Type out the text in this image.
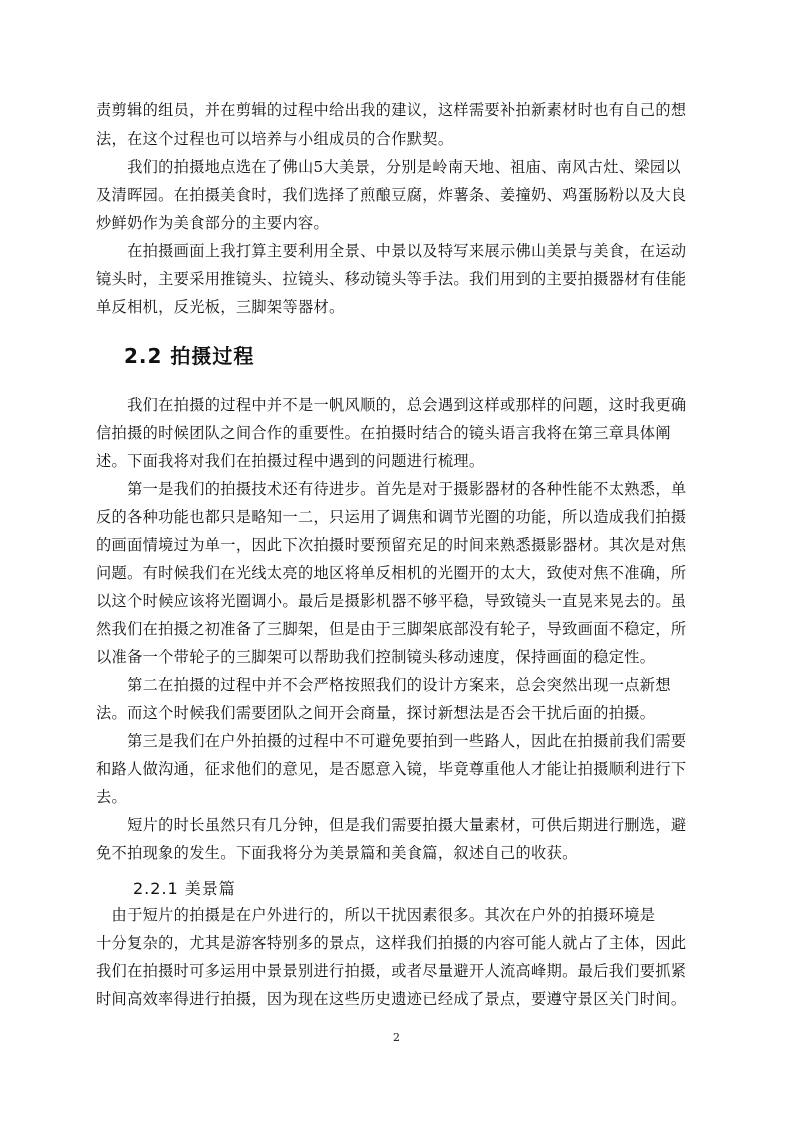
责剪辑的组员，并在剪辑的过程中给出我的建议，这样需要补拍新素材时也有自己的想
法，在这个过程也可以培养与小组成员的合作默契。
　　我们的拍摄地点选在了佛山5大美景，分别是岭南天地、祖庙、南风古灶、梁园以
及清晖园。在拍摄美食时，我们选择了煎酿豆腐，炸薯条、姜撞奶、鸡蛋肠粉以及大良
炒鲜奶作为美食部分的主要内容。
　　在拍摄画面上我打算主要利用全景、中景以及特写来展示佛山美景与美食，在运动
镜头时，主要采用推镜头、拉镜头、移动镜头等手法。我们用到的主要拍摄器材有佳能
单反相机，反光板，三脚架等器材。
2.2 拍摄过程
　　我们在拍摄的过程中并不是一帆风顺的，总会遇到这样或那样的问题，这时我更确
信拍摄的时候团队之间合作的重要性。在拍摄时结合的镜头语言我将在第三章具体阐
述。下面我将对我们在拍摄过程中遇到的问题进行梳理。
　　第一是我们的拍摄技术还有待进步。首先是对于摄影器材的各种性能不太熟悉，单
反的各种功能也都只是略知一二，只运用了调焦和调节光圈的功能，所以造成我们拍摄
的画面情境过为单一，因此下次拍摄时要预留充足的时间来熟悉摄影器材。其次是对焦
问题。有时候我们在光线太亮的地区将单反相机的光圈开的太大，致使对焦不准确，所
以这个时候应该将光圈调小。最后是摄影机器不够平稳，导致镜头一直晃来晃去的。虽
然我们在拍摄之初准备了三脚架，但是由于三脚架底部没有轮子，导致画面不稳定，所
以准备一个带轮子的三脚架可以帮助我们控制镜头移动速度，保持画面的稳定性。
　　第二在拍摄的过程中并不会严格按照我们的设计方案来，总会突然出现一点新想
法。而这个时候我们需要团队之间开会商量，探讨新想法是否会干扰后面的拍摄。
　　第三是我们在户外拍摄的过程中不可避免要拍到一些路人，因此在拍摄前我们需要
和路人做沟通，征求他们的意见，是否愿意入镜，毕竟尊重他人才能让拍摄顺利进行下
去。
　　短片的时长虽然只有几分钟，但是我们需要拍摄大量素材，可供后期进行删选，避
免不拍现象的发生。下面我将分为美景篇和美食篇，叙述自己的收获。
2.2.1 美景篇
　由于短片的拍摄是在户外进行的，所以干扰因素很多。其次在户外的拍摄环境是
十分复杂的，尤其是游客特别多的景点，这样我们拍摄的内容可能人就占了主体，因此
我们在拍摄时可多运用中景景别进行拍摄，或者尽量避开人流高峰期。最后我们要抓紧
时间高效率得进行拍摄，因为现在这些历史遗迹已经成了景点，要遵守景区关门时间。
2
